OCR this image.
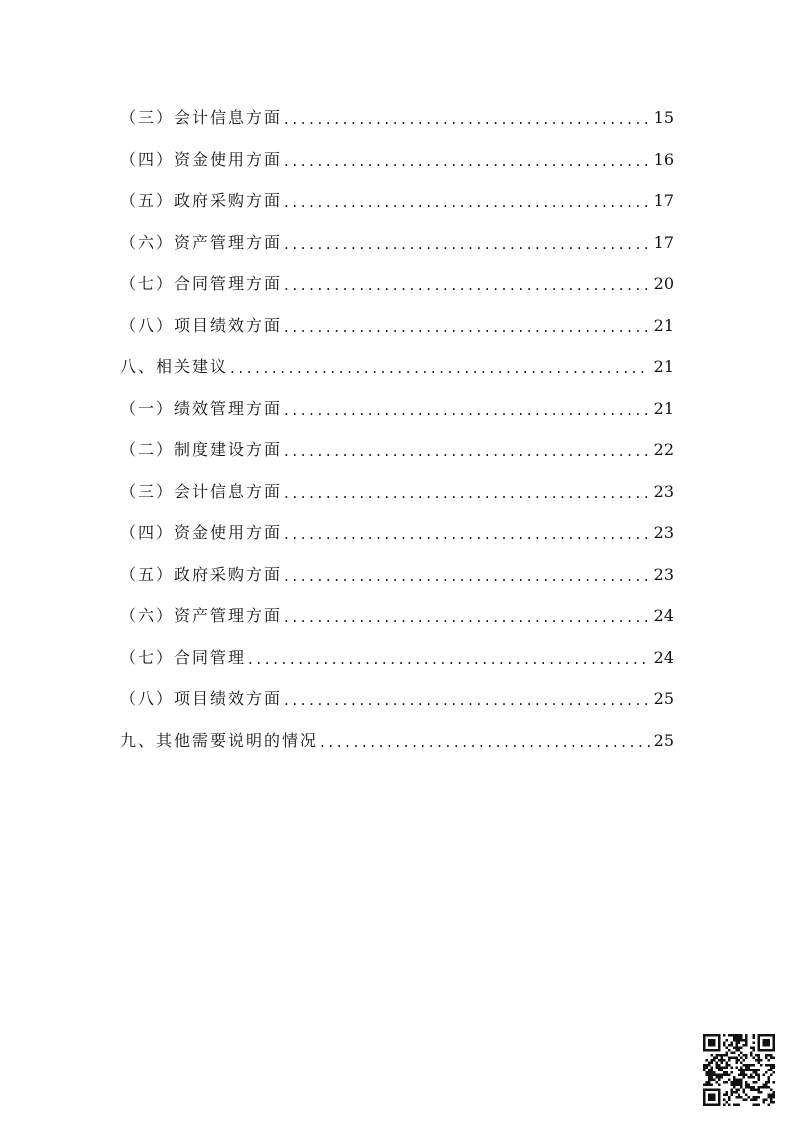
（三）会计信息方面 .....	15
（四）资金使用方面 .....	16
（五）政府采购方面 .....	17
（六）资产管理方面 .....	17
（七）合同管理方面 .....	20
（八）项目绩效方面 .....	21
八、相关建议 .....	21
（一）绩效管理方面 .....	21
（二）制度建设方面 .....	22
（三）会计信息方面 .....	23
（四）资金使用方面 .....	23
（五）政府采购方面 .....	23
（六）资产管理方面 .....	24
（七）合同管理 .....	24
（八）项目绩效方面 .....	25
九、其他需要说明的情况 .....	25
